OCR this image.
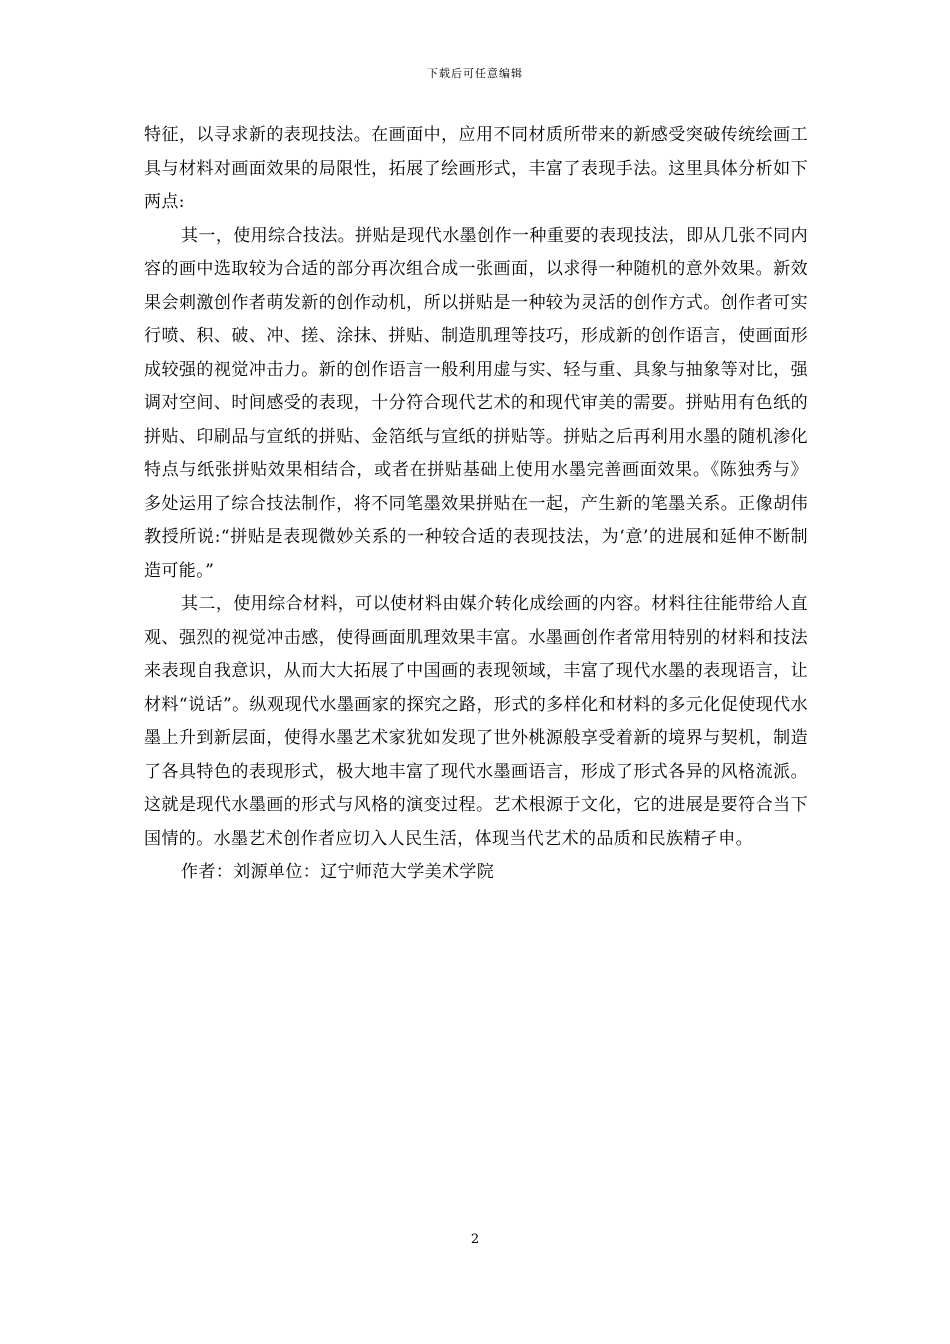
下载后可任意编辑

特征，以寻求新的表现技法。在画面中，应用不同材质所带来的新感受突破传统绘画工具与材料对画面效果的局限性，拓展了绘画形式，丰富了表现手法。这里具体分析如下两点:

其一，使用综合技法。拼贴是现代水墨创作一种重要的表现技法，即从几张不同内容的画中选取较为合适的部分再次组合成一张画面，以求得一种随机的意外效果。新效果会刺激创作者萌发新的创作动机，所以拼贴是一种较为灵活的创作方式。创作者可实行喷、积、破、冲、搓、涂抹、拼贴、制造肌理等技巧，形成新的创作语言，使画面形成较强的视觉冲击力。新的创作语言一般利用虚与实、轻与重、具象与抽象等对比，强调对空间、时间感受的表现，十分符合现代艺术的和现代审美的需要。拼贴用有色纸的拼贴、印刷品与宣纸的拼贴、金箔纸与宣纸的拼贴等。拼贴之后再利用水墨的随机渗化特点与纸张拼贴效果相结合，或者在拼贴基础上使用水墨完善画面效果。《陈独秀与》多处运用了综合技法制作，将不同笔墨效果拼贴在一起，产生新的笔墨关系。正像胡伟教授所说:“拼贴是表现微妙关系的一种较合适的表现技法，为‘意’的进展和延伸不断制造可能。”

其二，使用综合材料，可以使材料由媒介转化成绘画的内容。材料往往能带给人直观、强烈的视觉冲击感，使得画面肌理效果丰富。水墨画创作者常用特别的材料和技法来表现自我意识，从而大大拓展了中国画的表现领域，丰富了现代水墨的表现语言，让材料“说话”。纵观现代水墨画家的探究之路，形式的多样化和材料的多元化促使现代水墨上升到新层面，使得水墨艺术家犹如发现了世外桃源般享受着新的境界与契机，制造了各具特色的表现形式，极大地丰富了现代水墨画语言，形成了形式各异的风格流派。这就是现代水墨画的形式与风格的演变过程。艺术根源于文化，它的进展是要符合当下国情的。水墨艺术创作者应切入人民生活，体现当代艺术的品质和民族精孑申。

作者：刘源单位：辽宁师范大学美术学院

2
